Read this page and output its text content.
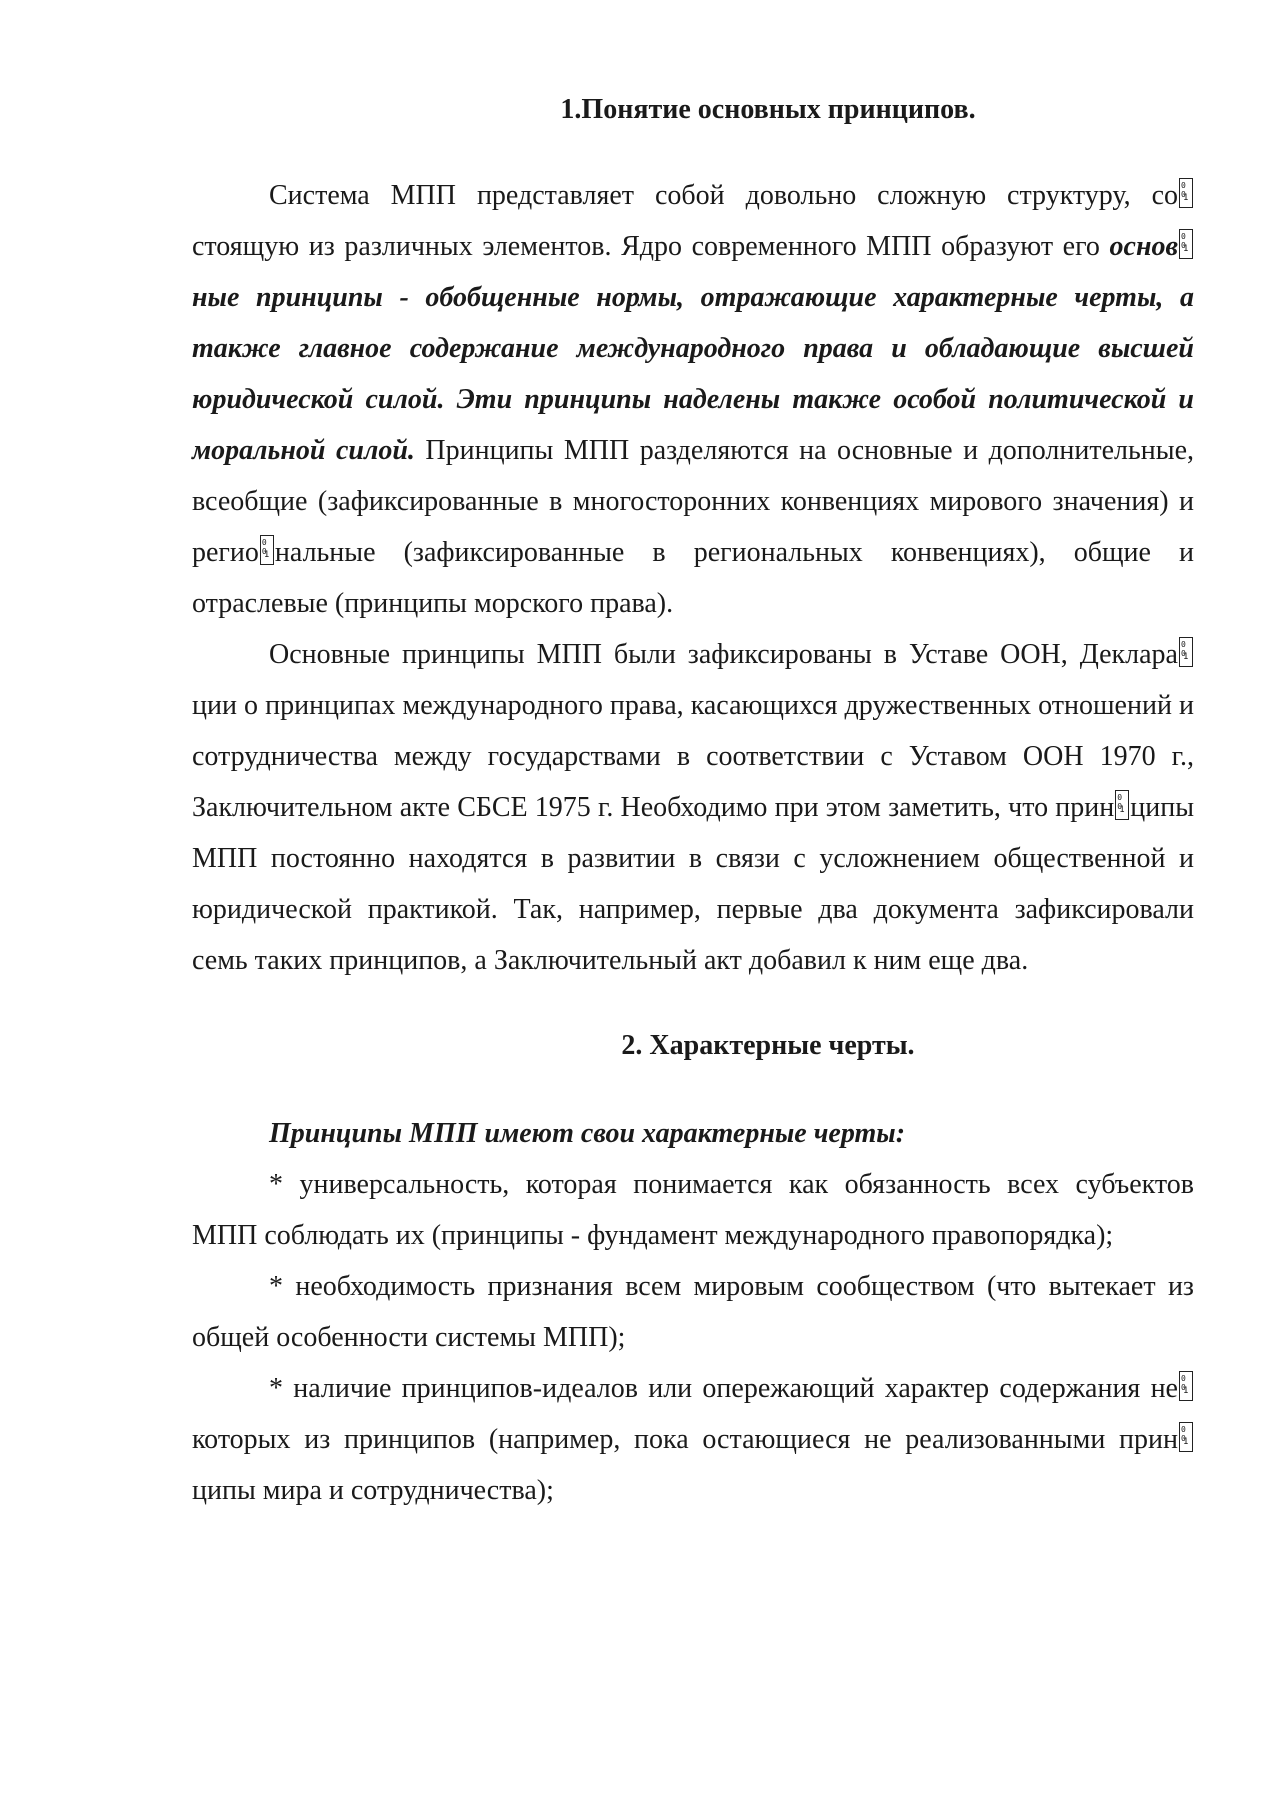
1.Понятие основных принципов.

Система МПП представляет собой довольно сложную структуру, со0 0 1стоящую из различных элементов. Ядро современного МПП образуют его основ0 0 1ные принципы - обобщенные нормы, отражающие характерные черты, а также главное содержание международного права и обладающие высшей юридической силой. Эти принципы наделены также особой политической и моральной силой. Принципы МПП разделяются на основные и дополнительные, всеобщие (зафиксированные в многосторонних конвенциях мирового значения) и регио0 0 1 нальные (зафиксированные в региональных конвенциях), общие и отраслевые (принципы морского права).

Основные принципы МПП были зафиксированы в Уставе ООН, Деклара0 0 1ции о принципах международного права, касающихся дружественных отношений и сотрудничества между государствами в соответствии с Уставом ООН 1970 г., Заключительном акте СБСЕ 1975 г. Необходимо при этом заметить, что прин0 0 1 ципы МПП постоянно находятся в развитии в связи с усложнением общественной и юридической практикой. Так, например, первые два документа зафиксировали семь таких принципов, а Заключительный акт добавил к ним еще два.

2. Характерные черты.

Принципы МПП имеют свои характерные черты:

* универсальность, которая понимается как обязанность всех субъектов МПП соблюдать их (принципы - фундамент международного правопорядка);

* необходимость признания всем мировым сообществом (что вытекает из общей особенности системы МПП);

* наличие принципов-идеалов или опережающий характер содержания не0 0 1которых из принципов (например, пока остающиеся не реализованными прин0 0 1ципы мира и сотрудничества);
